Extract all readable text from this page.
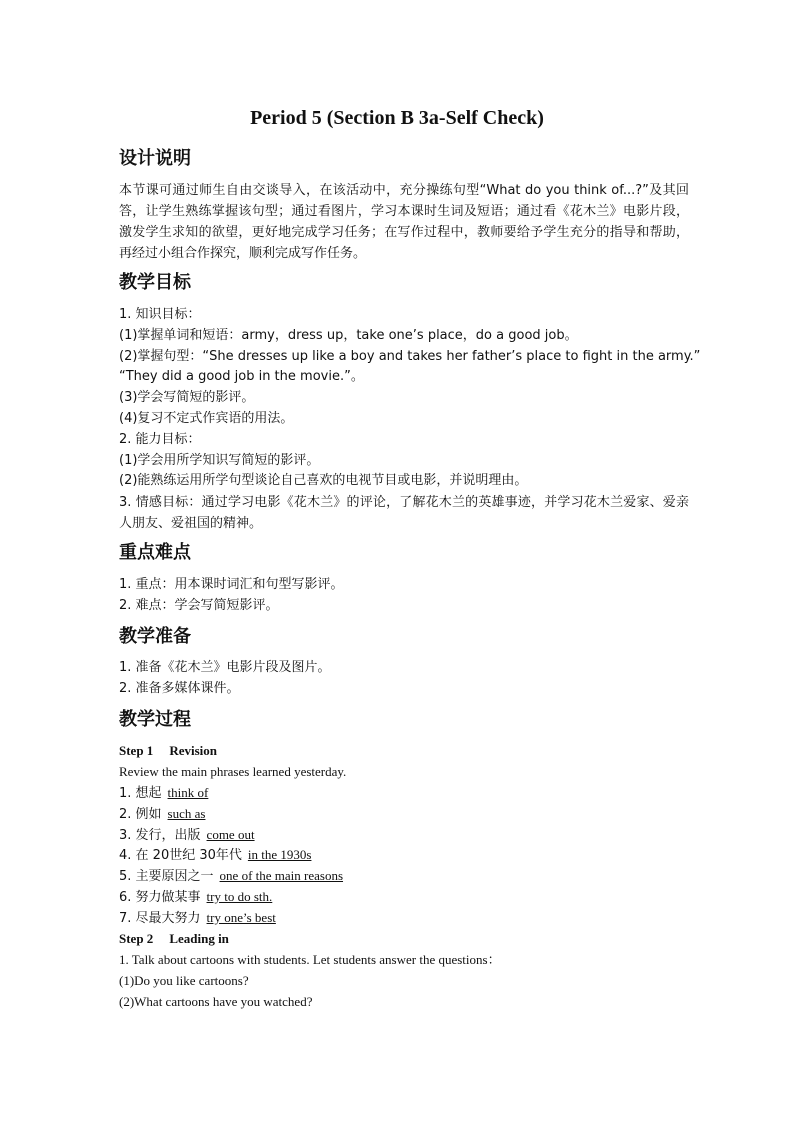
Period 5 (Section B 3a-Self Check)
设计说明
本节课可通过师生自由交谈导入，在该活动中，充分操练句型“What do you think of...?”及其回答，让学生熟练掌握该句型；通过看图片，学习本课时生词及短语；通过看《花木兰》电影片段，激发学生求知的欲望，更好地完成学习任务；在写作过程中，教师要给予学生充分的指导和帮助，再经过小组合作探究，顺利完成写作任务。
教学目标
1. 知识目标：
(1)掌握单词和短语：army，dress up，take one’s place，do a good job。
(2)掌握句型：“She dresses up like a boy and takes her father’s place to fight in the army.”
“They did a good job in the movie.”。
(3)学会写简短的影评。
(4)复习不定式作宾语的用法。
2. 能力目标：
(1)学会用所学知识写简短的影评。
(2)能熟练运用所学句型谈论自己喜欢的电视节目或电影，并说明理由。
3. 情感目标：通过学习电影《花木兰》的评论，了解花木兰的英雄事迹，并学习花木兰爱家、爱亲人朋友、爱祖国的精神。
重点难点
1. 重点：用本课时词汇和句型写影评。
2. 难点：学会写简短影评。
教学准备
1. 准备《花木兰》电影片段及图片。
2. 准备多媒体课件。
教学过程
Step 1 Revision
Review the main phrases learned yesterday.
1. 想起 think of
2. 例如 such as
3. 发行，出版 come out
4. 在 20世纪 30年代 in the 1930s
5. 主要原因之一 one of the main reasons
6. 努力做某事 try to do sth.
7. 尽最大努力 try one’s best
Step 2 Leading in
1. Talk about cartoons with students. Let students answer the questions：
(1)Do you like cartoons?
(2)What cartoons have you watched?
